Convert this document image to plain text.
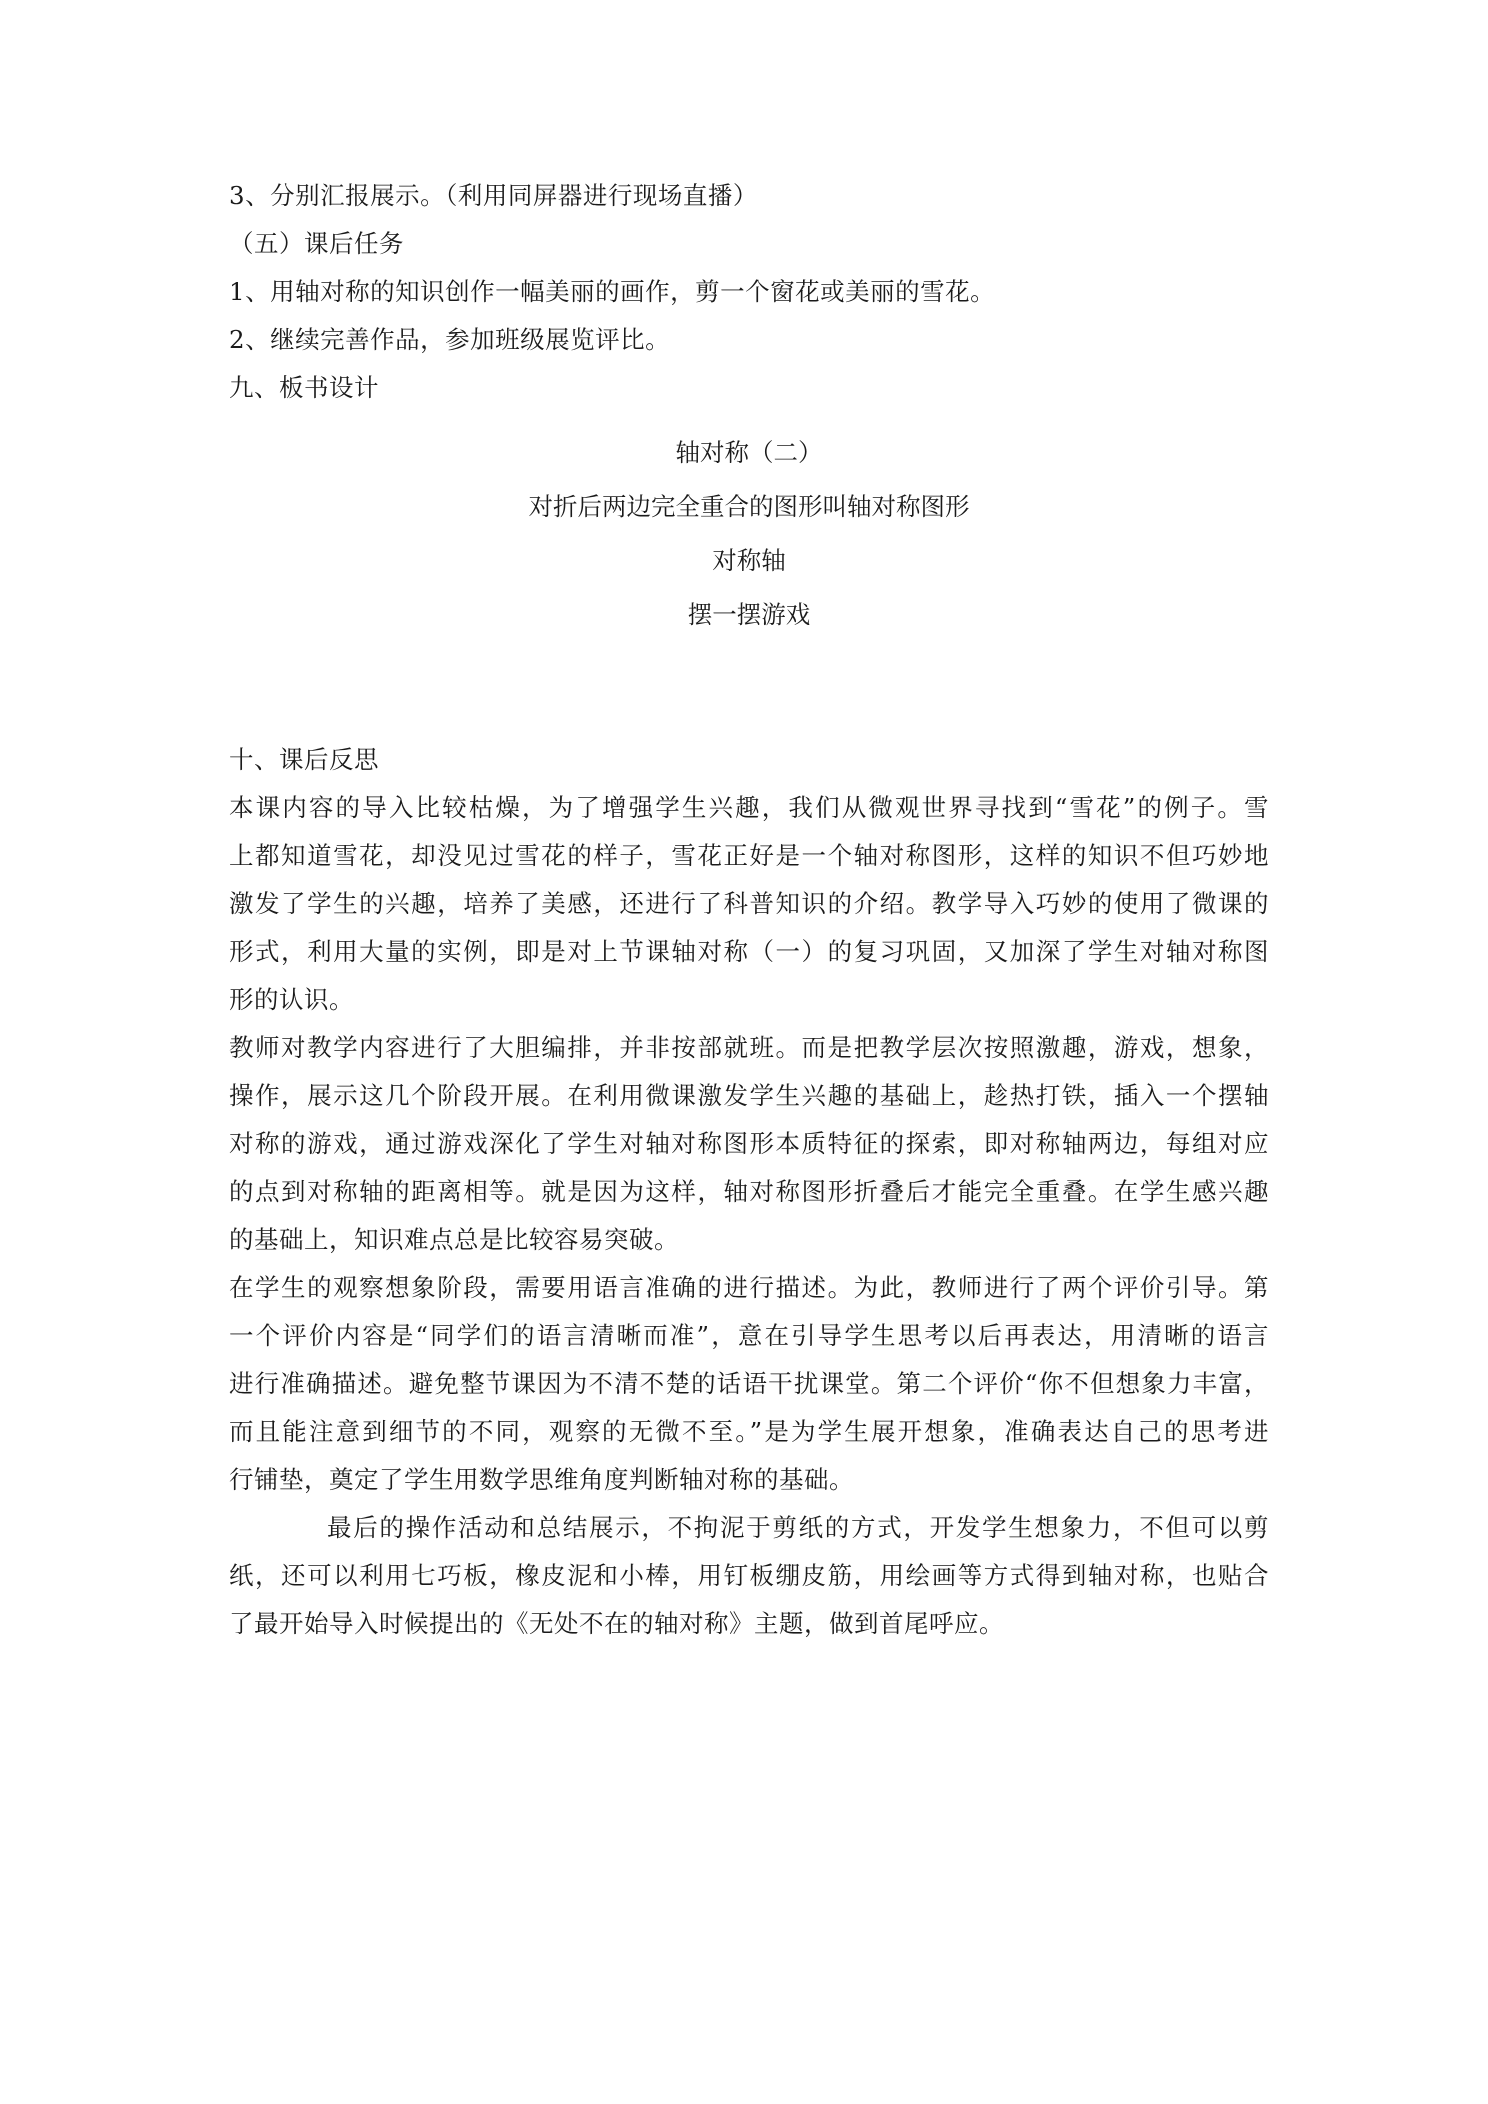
3、分别汇报展示。（利用同屏器进行现场直播）
（五）课后任务
1、用轴对称的知识创作一幅美丽的画作，剪一个窗花或美丽的雪花。
2、继续完善作品，参加班级展览评比。
九、板书设计
轴对称（二）
对折后两边完全重合的图形叫轴对称图形
对称轴
摆一摆游戏
十、课后反思
本课内容的导入比较枯燥，为了增强学生兴趣，我们从微观世界寻找到“雪花”的例子。雪
上都知道雪花，却没见过雪花的样子，雪花正好是一个轴对称图形，这样的知识不但巧妙地
激发了学生的兴趣，培养了美感，还进行了科普知识的介绍。教学导入巧妙的使用了微课的
形式，利用大量的实例，即是对上节课轴对称（一）的复习巩固，又加深了学生对轴对称图
形的认识。
教师对教学内容进行了大胆编排，并非按部就班。而是把教学层次按照激趣，游戏，想象，
操作，展示这几个阶段开展。在利用微课激发学生兴趣的基础上，趁热打铁，插入一个摆轴
对称的游戏，通过游戏深化了学生对轴对称图形本质特征的探索，即对称轴两边，每组对应
的点到对称轴的距离相等。就是因为这样，轴对称图形折叠后才能完全重叠。在学生感兴趣
的基础上，知识难点总是比较容易突破。
在学生的观察想象阶段，需要用语言准确的进行描述。为此，教师进行了两个评价引导。第
一个评价内容是“同学们的语言清晰而准”，意在引导学生思考以后再表达，用清晰的语言
进行准确描述。避免整节课因为不清不楚的话语干扰课堂。第二个评价“你不但想象力丰富，
而且能注意到细节的不同，观察的无微不至。”是为学生展开想象，准确表达自己的思考进
行铺垫，奠定了学生用数学思维角度判断轴对称的基础。
最后的操作活动和总结展示，不拘泥于剪纸的方式，开发学生想象力，不但可以剪
纸，还可以利用七巧板，橡皮泥和小棒，用钉板绷皮筋，用绘画等方式得到轴对称，也贴合
了最开始导入时候提出的《无处不在的轴对称》主题，做到首尾呼应。
